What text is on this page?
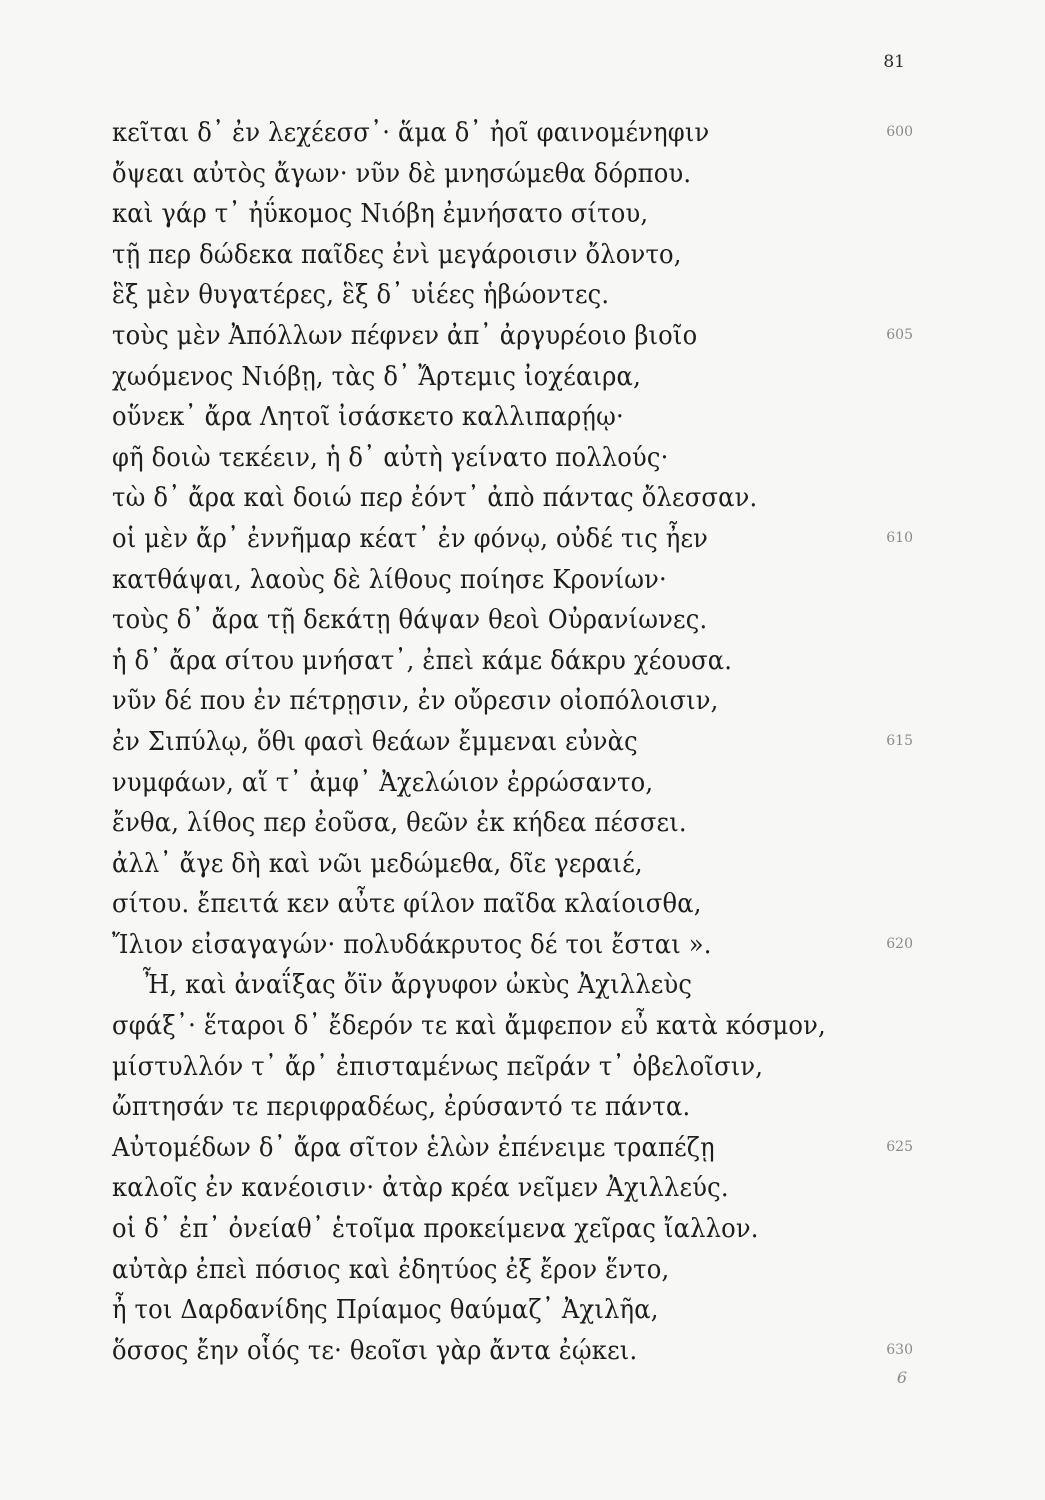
81
κεῖται δ᾽ ἐν λεχέεσσ᾽· ἅμα δ᾽ ἠοῖ φαινομένηφιν
ὄψεαι αὐτὸς ἄγων· νῦν δὲ μνησώμεθα δόρπου.
καὶ γάρ τ᾽ ἠΰκομος Νιόβη ἐμνήσατο σίτου,
τῇ περ δώδεκα παῖδες ἐνὶ μεγάροισιν ὄλοντο,
ἓξ μὲν θυγατέρες, ἓξ δ᾽ υἱέες ἡβώοντες.
τοὺς μὲν Ἀπόλλων πέφνεν ἀπ᾽ ἀργυρέοιο βιοῖο
χωόμενος Νιόβῃ, τὰς δ᾽ Ἄρτεμις ἰοχέαιρα,
οὕνεκ᾽ ἄρα Λητοῖ ἰσάσκετο καλλιπαρῄῳ·
φῆ δοιὼ τεκέειν, ἡ δ᾽ αὐτὴ γείνατο πολλούς·
τὼ δ᾽ ἄρα καὶ δοιώ περ ἐόντ᾽ ἀπὸ πάντας ὄλεσσαν.
οἱ μὲν ἄρ᾽ ἐννῆμαρ κέατ᾽ ἐν φόνῳ, οὐδέ τις ἦεν
κατθάψαι, λαοὺς δὲ λίθους ποίησε Κρονίων·
τοὺς δ᾽ ἄρα τῇ δεκάτῃ θάψαν θεοὶ Οὐρανίωνες.
ἡ δ᾽ ἄρα σίτου μνήσατ᾽, ἐπεὶ κάμε δάκρυ χέουσα.
νῦν δέ που ἐν πέτρῃσιν, ἐν οὔρεσιν οἰοπόλοισιν,
ἐν Σιπύλῳ, ὅθι φασὶ θεάων ἔμμεναι εὐνὰς
νυμφάων, αἵ τ᾽ ἀμφ᾽ Ἀχελώιον ἐρρώσαντο,
ἔνθα, λίθος περ ἐοῦσα, θεῶν ἐκ κήδεα πέσσει.
ἀλλ᾽ ἄγε δὴ καὶ νῶι μεδώμεθα, δῖε γεραιέ,
σίτου. ἔπειτά κεν αὖτε φίλον παῖδα κλαίοισθα,
Ἴλιον εἰσαγαγών· πολυδάκρυτος δέ τοι ἔσται ».
Ἦ, καὶ ἀναΐξας ὄϊν ἄργυφον ὠκὺς Ἀχιλλεὺς
σφάξ᾽· ἕταροι δ᾽ ἔδερόν τε καὶ ἄμφεπον εὖ κατὰ κόσμον,
μίστυλλόν τ᾽ ἄρ᾽ ἐπισταμένως πεῖράν τ᾽ ὀβελοῖσιν,
ὤπτησάν τε περιφραδέως, ἐρύσαντό τε πάντα.
Αὐτομέδων δ᾽ ἄρα σῖτον ἑλὼν ἐπένειμε τραπέζῃ
καλοῖς ἐν κανέοισιν· ἀτὰρ κρέα νεῖμεν Ἀχιλλεύς.
οἱ δ᾽ ἐπ᾽ ὀνείαθ᾽ ἑτοῖμα προκείμενα χεῖρας ἴαλλον.
αὐτὰρ ἐπεὶ πόσιος καὶ ἐδητύος ἐξ ἔρον ἕντο,
ἦ τοι Δαρδανίδης Πρίαμος θαύμαζ᾽ Ἀχιλῆα,
ὅσσος ἔην οἷός τε· θεοῖσι γὰρ ἄντα ἐῴκει.
600
605
610
615
620
625
630
6
